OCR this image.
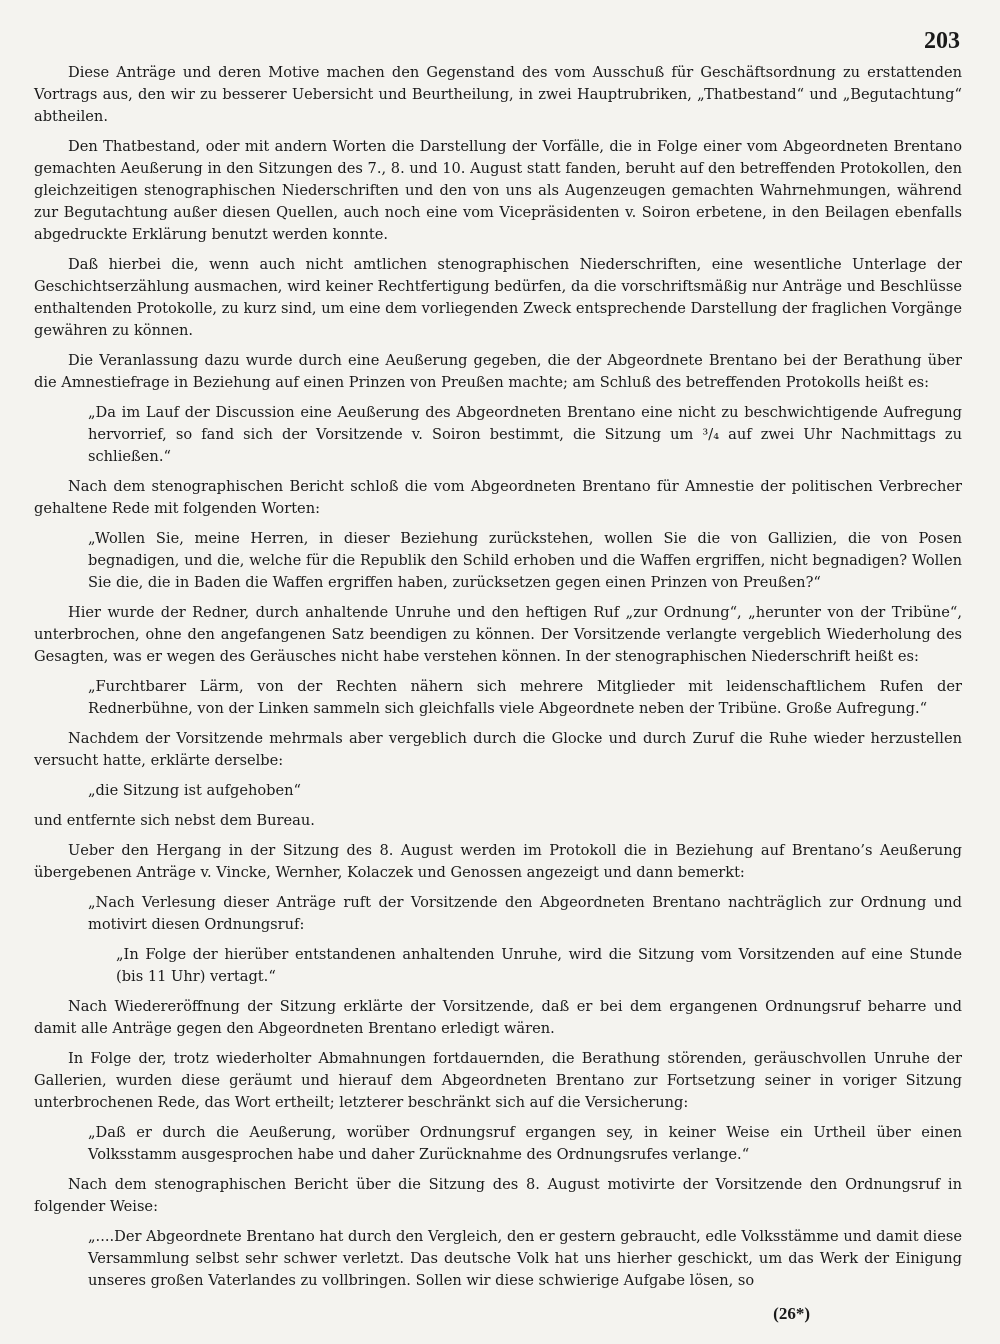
203

Diese Anträge und deren Motive machen den Gegenstand des vom Ausschuß für Geschäftsordnung zu erstattenden Vortrags aus, den wir zu besserer Uebersicht und Beurtheilung, in zwei Hauptrubriken, „Thatbestand“ und „Begutachtung“ abtheilen.

Den Thatbestand, oder mit andern Worten die Darstellung der Vorfälle, die in Folge einer vom Abgeordneten Brentano gemachten Aeußerung in den Sitzungen des 7., 8. und 10. August statt fanden, beruht auf den betreffenden Protokollen, den gleichzeitigen stenographischen Niederschriften und den von uns als Augenzeugen gemachten Wahrnehmungen, während zur Begutachtung außer diesen Quellen, auch noch eine vom Vicepräsidenten v. Soiron erbetene, in den Beilagen ebenfalls abgedruckte Erklärung benutzt werden konnte.

Daß hierbei die, wenn auch nicht amtlichen stenographischen Niederschriften, eine wesentliche Unterlage der Geschichtserzählung ausmachen, wird keiner Rechtfertigung bedürfen, da die vorschriftsmäßig nur Anträge und Beschlüsse enthaltenden Protokolle, zu kurz sind, um eine dem vorliegenden Zweck entsprechende Darstellung der fraglichen Vorgänge gewähren zu können.

Die Veranlassung dazu wurde durch eine Aeußerung gegeben, die der Abgeordnete Brentano bei der Berathung über die Amnestiefrage in Beziehung auf einen Prinzen von Preußen machte; am Schluß des betreffenden Protokolls heißt es:

„Da im Lauf der Discussion eine Aeußerung des Abgeordneten Brentano eine nicht zu beschwichtigende Aufregung hervorrief, so fand sich der Vorsitzende v. Soiron bestimmt, die Sitzung um ³/₄ auf zwei Uhr Nachmittags zu schließen.“

Nach dem stenographischen Bericht schloß die vom Abgeordneten Brentano für Amnestie der politischen Verbrecher gehaltene Rede mit folgenden Worten:

„Wollen Sie, meine Herren, in dieser Beziehung zurückstehen, wollen Sie die von Gallizien, die von Posen begnadigen, und die, welche für die Republik den Schild erhoben und die Waffen ergriffen, nicht begnadigen? Wollen Sie die, die in Baden die Waffen ergriffen haben, zurücksetzen gegen einen Prinzen von Preußen?“

Hier wurde der Redner, durch anhaltende Unruhe und den heftigen Ruf „zur Ordnung“, „herunter von der Tribüne“, unterbrochen, ohne den angefangenen Satz beendigen zu können. Der Vorsitzende verlangte vergeblich Wiederholung des Gesagten, was er wegen des Geräusches nicht habe verstehen können. In der stenographischen Niederschrift heißt es:

„Furchtbarer Lärm, von der Rechten nähern sich mehrere Mitglieder mit leidenschaftlichem Rufen der Rednerbühne, von der Linken sammeln sich gleichfalls viele Abgeordnete neben der Tribüne. Große Aufregung.“

Nachdem der Vorsitzende mehrmals aber vergeblich durch die Glocke und durch Zuruf die Ruhe wieder herzustellen versucht hatte, erklärte derselbe:

„die Sitzung ist aufgehoben“

und entfernte sich nebst dem Bureau.

Ueber den Hergang in der Sitzung des 8. August werden im Protokoll die in Beziehung auf Brentano’s Aeußerung übergebenen Anträge v. Vincke, Wernher, Kolaczek und Genossen angezeigt und dann bemerkt:

„Nach Verlesung dieser Anträge ruft der Vorsitzende den Abgeordneten Brentano nachträglich zur Ordnung und motivirt diesen Ordnungsruf:

„In Folge der hierüber entstandenen anhaltenden Unruhe, wird die Sitzung vom Vorsitzenden auf eine Stunde (bis 11 Uhr) vertagt.“

Nach Wiedereröffnung der Sitzung erklärte der Vorsitzende, daß er bei dem ergangenen Ordnungsruf beharre und damit alle Anträge gegen den Abgeordneten Brentano erledigt wären.

In Folge der, trotz wiederholter Abmahnungen fortdauernden, die Berathung störenden, geräuschvollen Unruhe der Gallerien, wurden diese geräumt und hierauf dem Abgeordneten Brentano zur Fortsetzung seiner in voriger Sitzung unterbrochenen Rede, das Wort ertheilt; letzterer beschränkt sich auf die Versicherung:

„Daß er durch die Aeußerung, worüber Ordnungsruf ergangen sey, in keiner Weise ein Urtheil über einen Volksstamm ausgesprochen habe und daher Zurücknahme des Ordnungsrufes verlange.“

Nach dem stenographischen Bericht über die Sitzung des 8. August motivirte der Vorsitzende den Ordnungsruf in folgender Weise:

„....Der Abgeordnete Brentano hat durch den Vergleich, den er gestern gebraucht, edle Volksstämme und damit diese Versammlung selbst sehr schwer verletzt. Das deutsche Volk hat uns hierher geschickt, um das Werk der Einigung unseres großen Vaterlandes zu vollbringen. Sollen wir diese schwierige Aufgabe lösen, so

(26*)
